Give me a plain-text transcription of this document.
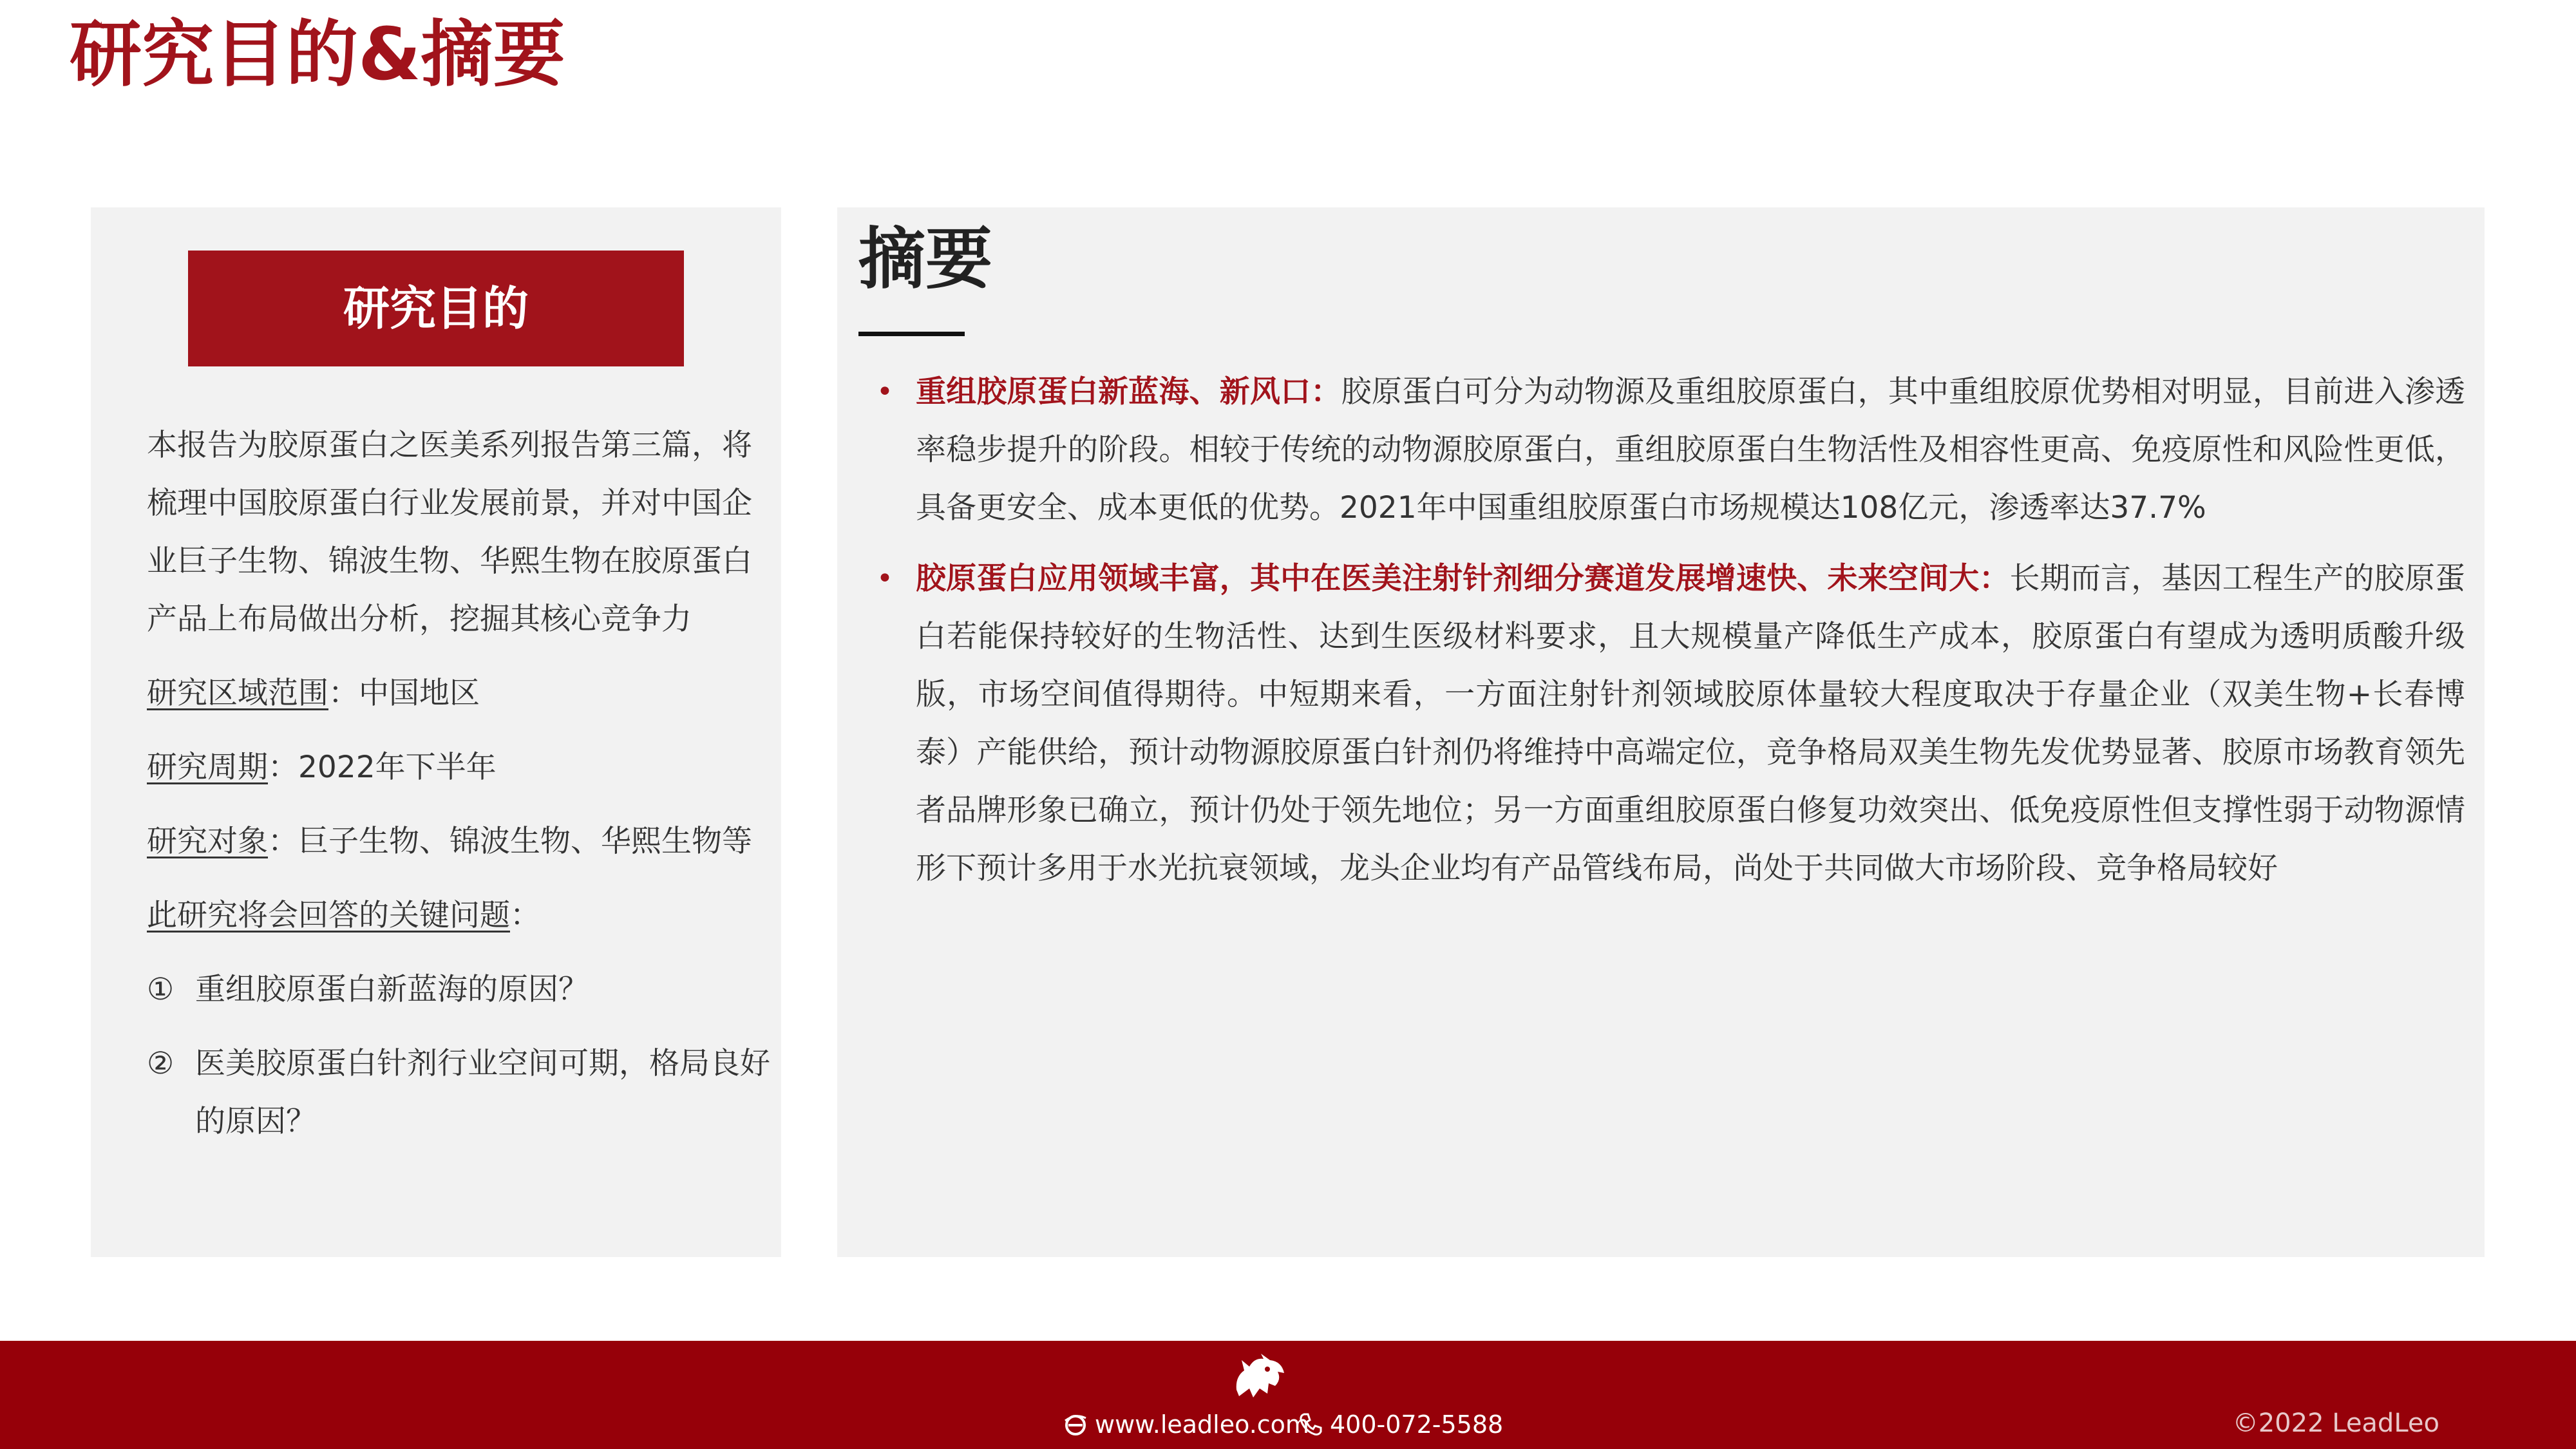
研究目的&摘要
研究目的

本报告为胶原蛋白之医美系列报告第三篇，将梳理中国胶原蛋白行业发展前景，并对中国企业巨子生物、锦波生物、华熙生物在胶原蛋白产品上布局做出分析，挖掘其核心竞争力

研究区域范围：中国地区

研究周期：2022年下半年

研究对象：巨子生物、锦波生物、华熙生物等

此研究将会回答的关键问题：

① 重组胶原蛋白新蓝海的原因？
② 医美胶原蛋白针剂行业空间可期，格局良好的原因？
摘要
• 重组胶原蛋白新蓝海、新风口：胶原蛋白可分为动物源及重组胶原蛋白，其中重组胶原优势相对明显，目前进入渗透率稳步提升的阶段。相较于传统的动物源胶原蛋白，重组胶原蛋白生物活性及相容性更高、免疫原性和风险性更低，具备更安全、成本更低的优势。2021年中国重组胶原蛋白市场规模达108亿元，渗透率达37.7%
• 胶原蛋白应用领域丰富，其中在医美注射针剂细分赛道发展增速快、未来空间大：长期而言，基因工程生产的胶原蛋白若能保持较好的生物活性、达到生医级材料要求，且大规模量产降低生产成本，胶原蛋白有望成为透明质酸升级版，市场空间值得期待。中短期来看，一方面注射针剂领域胶原体量较大程度取决于存量企业（双美生物+长春博泰）产能供给，预计动物源胶原蛋白针剂仍将维持中高端定位，竞争格局双美生物先发优势显著、胶原市场教育领先者品牌形象已确立，预计仍处于领先地位；另一方面重组胶原蛋白修复功效突出、低免疫原性但支撑性弱于动物源情形下预计多用于水光抗衰领域，龙头企业均有产品管线布局，尚处于共同做大市场阶段、竞争格局较好
www.leadleo.com 400-072-5588	©2022 LeadLeo
